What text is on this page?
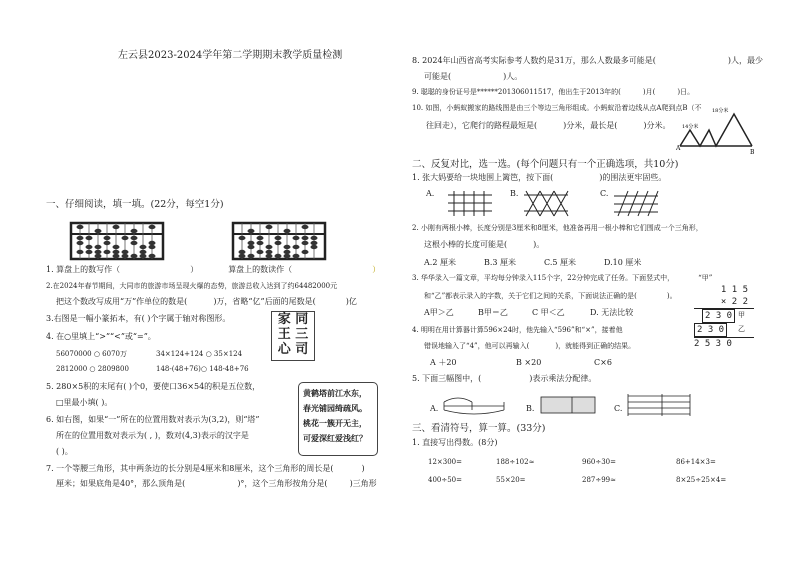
左云县2023-2024学年第二学期期末教学质量检测
一、仔细阅读，填一填。(22分，每空1分)
1. 算盘上的数写作（	）	算盘上的数读作（	）
2.在2024年春节期间，大同市的旅游市场呈现火爆的态势，旅游总收入达到了约64482000元
把这个数改写成用“万”作单位的数是(	)万，省略“亿”后面的尾数是(	)亿
3.右图是一幅小篆拓本，有( )个字属于轴对称图形。	家 同
王 三
心 司
4. 在○里填上“>”“<”或“=”。
56070000 ○ 6070万	34×124+124 ○ 35×124
2812000 ○ 2809800	148-(48+76)○ 148-48+76
5. 280×5积的末尾有( )个0，要使口36×54的积是五位数，
□里最小填( )。
黄鹤塔前江水东，
春光铺园绮疏风。
桃花一簇开无主，
可爱深红爱浅红？
6. 如右图，如果“一”所在的位置用数对表示为(3,2)，则“塔”
所在的位置用数对表示为( , )，数对(4,3)表示的汉字是
( )。
7. 一个等腰三角形，其中两条边的长分别是4厘米和8厘米，这个三角形的周长是(	)
厘米；如果底角是40°，那么顶角是(	)°，这个三角形按角分是(	)三角形
8. 2024年山西省高考实际参考人数约是31万，那么人数最多可能是(	)人，最少
可能是(	)人。
9. 聪聪的身份证号是******201306011517，他出生于2013年的(	)月(	)日。
10. 如图，小蚂蚁搬家的路线图是由三个等边三角形组成。小蚂蚁沿着边线从点A爬到点B（不
往回走），它爬行的路程最短是(	)分米，最长是(	)分米。
A
B
14分米
18分米
二、反复对比，选一选。(每个问题只有一个正确选项，共10分)
1. 张大妈要给一块地围上篱笆，按下面(	)的围法更牢固些。
A.	B.	C.
2. 小刚有两根小棒，长度分别是3厘米和8厘米，他准备再用一根小棒和它们围成一个三角形，
这根小棒的长度可能是(	)。
A.2 厘米	B.3 厘米	C.5 厘米	D.10 厘米
3. 华华录入一篇文章，平均每分钟录入115个字，22分钟完成了任务。下面竖式中，	“甲”
和“乙”都表示录入的字数，关于它们之间的关系，下面说法正确的是(	)。
A甲＞乙	B甲＝乙	C 甲＜乙	D. 无法比较
1 1 5
× 2 2
2 3 0 甲
2 3 0 乙
2 5 3 0
4. 明明在用计算器计算596×24时，他先输入“596”和“×”，接着他
错误地输入了“4”，他可以再输入(	)，就能得到正确的结果。
A ＋20	B ×20	C×6
5. 下面三幅图中，(	)表示乘法分配律。
A.	B.	C.
三、看清符号，算一算。(33分)
1. 直接写出得数。(8分)
12×300=	188÷102≈	960÷30=	86+14×3=
400÷50=	55×20=	287÷99≈	8×25÷25×4=
